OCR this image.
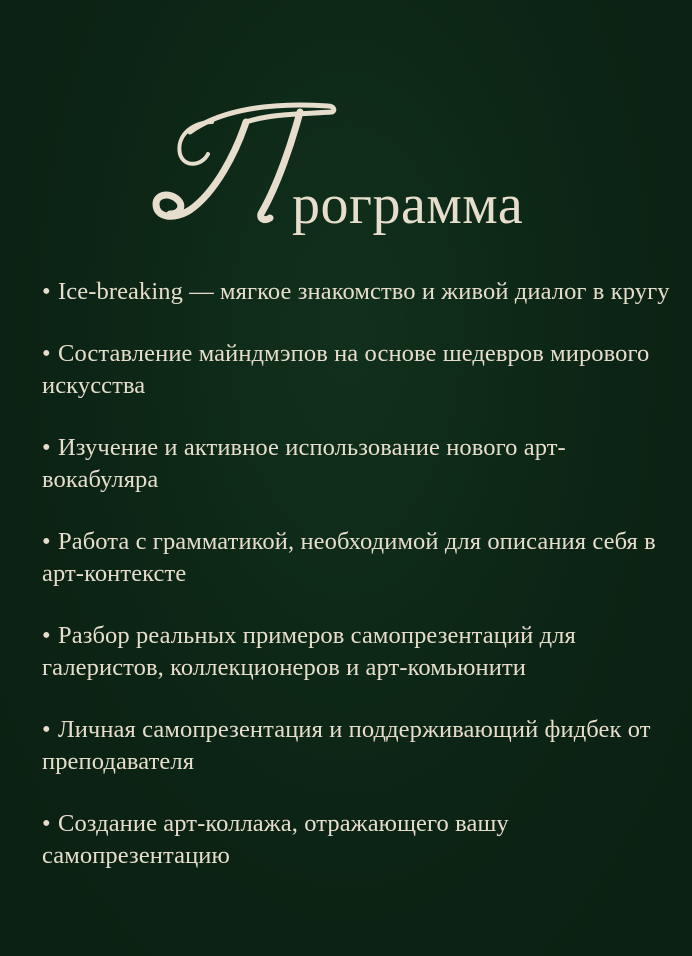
рограмма
• Ice-breaking — мягкое знакомство и живой диалог в кругу
• Составление майндмэпов на основе шедевров мирового искусства
• Изучение и активное использование нового арт-вокабуляра
• Работа с грамматикой, необходимой для описания себя в арт-контексте
• Разбор реальных примеров самопрезентаций для галеристов, коллекционеров и арт-комьюнити
• Личная самопрезентация и поддерживающий фидбек от преподавателя
• Создание арт-коллажа, отражающего вашу самопрезентацию
